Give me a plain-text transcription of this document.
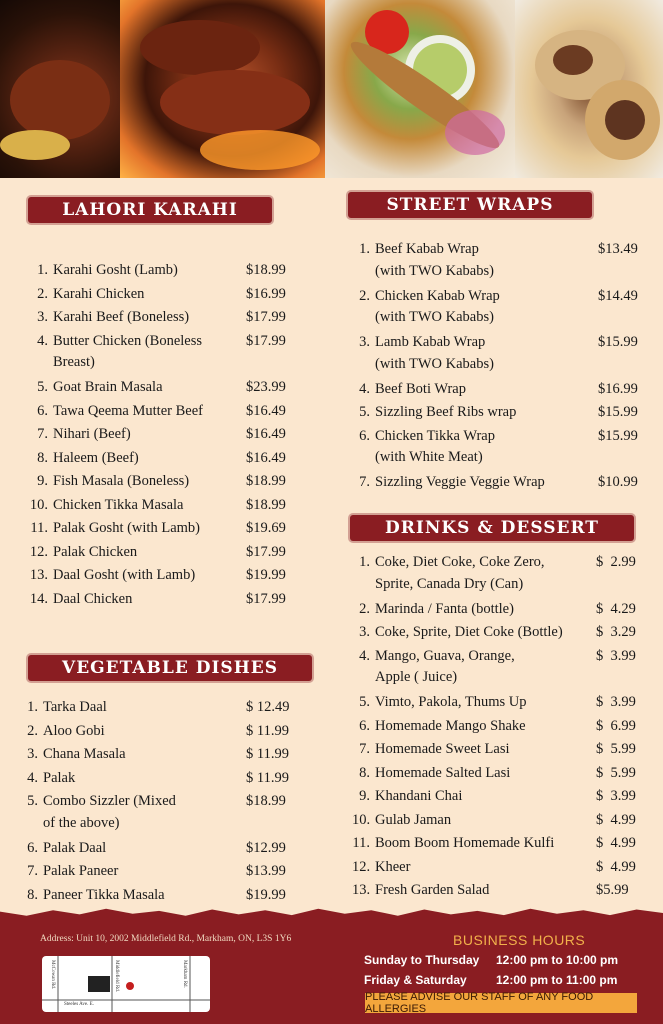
LAHORI KARAHI
1. Karahi Gosht (Lamb)	$18.99
2. Karahi Chicken	$16.99
3. Karahi Beef (Boneless)	$17.99
4. Butter Chicken (Boneless
Breast)
$17.99
5. Goat Brain Masala	$23.99
6. Tawa Qeema Mutter Beef	$16.49
7. Nihari (Beef)	$16.49
8. Haleem (Beef)	$16.49
9. Fish Masala (Boneless)	$18.99
10. Chicken Tikka Masala	$18.99
11. Palak Gosht (with Lamb)	$19.69
12. Palak Chicken	$17.99
13. Daal Gosht (with Lamb)	$19.99
14. Daal Chicken	$17.99
VEGETABLE DISHES
1. Tarka Daal	$ 12.49
2. Aloo Gobi	$ 11.99
3. Chana Masala	$ 11.99
4. Palak	$ 11.99
5. Combo Sizzler (Mixed
of the above)
$18.99
6. Palak Daal	$12.99
7. Palak Paneer	$13.99
8. Paneer Tikka Masala	$19.99
STREET WRAPS
1. Beef Kabab Wrap
(with TWO Kababs)
$13.49
2. Chicken Kabab Wrap
(with TWO Kababs)
$14.49
3. Lamb Kabab Wrap
(with TWO Kababs)
$15.99
4. Beef Boti Wrap	$16.99
5. Sizzling Beef Ribs wrap	$15.99
6. Chicken Tikka Wrap
(with White Meat)
$15.99
7. Sizzling Veggie Veggie Wrap	$10.99
DRINKS & DESSERT
1. Coke, Diet Coke, Coke Zero,
Sprite, Canada Dry (Can)
$  2.99
2. Marinda / Fanta (bottle)	$  4.29
3. Coke, Sprite, Diet Coke (Bottle) $  3.29
4. Mango, Guava, Orange,
Apple ( Juice)
$  3.99
5. Vimto, Pakola, Thums Up	$  3.99
6. Homemade Mango Shake	$  6.99
7. Homemade Sweet Lasi	$  5.99
8. Homemade Salted Lasi	$  5.99
9. Khandani Chai	$  3.99
10. Gulab Jaman	$  4.99
11. Boom Boom Homemade Kulfi	$  4.99
12. Kheer	$  4.99
13. Fresh Garden Salad	$5.99
Address: Unit 10, 2002 Middlefield Rd., Markham, ON, L3S 1Y6
McCowan Rd.	Middlefield Rd.	Markham Rd.
Steeles Ave. E.
BUSINESS HOURS
Sunday to Thursday	12:00 pm to 10:00 pm
Friday & Saturday	12:00 pm to 11:00 pm
PLEASE ADVISE OUR STAFF OF ANY FOOD ALLERGIES
